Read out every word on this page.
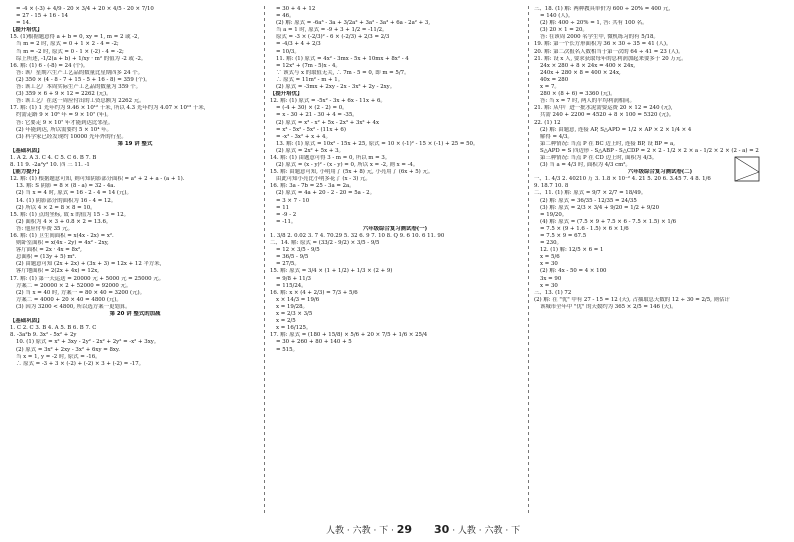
= -4 × (-3) + 4/9 - 20 × 3/4 + 20 × 4/5 - 20 × 7/10
= 27 - 15 + 16 - 14
= 14.
【提升培优】
15. (1)根据题意得 a + b = 0, xy = 1, m = 2 或 -2,
当 m = 2 时, 原式 = 0 + 1 × 2 - 4 = -2;
当 m = -2 时, 原式 = 0 - 1 × (-2) - 4 = -2;
综上所述, -1/2(a + b) + 1/xy · m² 的值为 -2 或 -2。
16. 解: (1) 6 - (-8) = 24 (个)。
答: 该厂星期六生产工艺品的数量比星期四多 24 个。
(2) 350 × (4 - 8 - 7 + 15 - 5 + 16 - 8) = 359 (个)。
答: 该工艺厂本周实际生产工艺品的数量为 359 个。
(3) 359 × 6 + 9 × 12 = 2262 (元)。
答: 该工艺厂在这一周应付出的工资总额为 2262 元。
17. 解: (1) 1 光年约为 9.46 × 10¹² 千米, 所以 4.3 光年约为 4.07 × 10¹³ 千米,
约需走路 9 × 10⁶ 年 = 9 × 10⁷ (年)。
答: 它要走 9 × 10⁷ 年才能到达比邻星。
(2) 年能到达, 所以需要约 5 × 10⁴ 年。
(3) 科学家已经发现约 10000 光年外的行星。
第 19 讲 整式
【基础巩固】
1. A 2. A 3. C 4. C 5. C 6. B 7. B
8. 11 9. -2a²y³ 10. 四 三 11. -1
【能力提升】
12. 解: (1) 根据题意可知, 则可知阴影部分面积 = a² + 2 + a - (a + 1).
13. 解: S 阴影 = 8 × (8 - a) = 32 - 4a.
(2) 当 x = 4 时, 原式 = 16 - 2 - 4 = 14 (元)。
14. (1) 阴影部分的面积为 16 - 4 = 12。
(2) 所以 4 × 2 = 8 × 8 = 10。
15. 解: (1) 点的坐标, 故 x 的值为 15 - 3 = 12。
(2) 面积为 4 × 3 + 0.8 × 2 = 13.6。
答: 他应付车费 35 元。
16. 解: (1) 卫生间面积 = x(4x - 2x) = x².
则卧室面积 = x(4x - 2y) = 4x² - 2xy,
客厅面积 = 2x · 4x = 8x²,
总面积 = (13y + 5) m².
(2) 由题意可知 (2x + 2x) + (3x + 3) = 12x + 12 平方米,
客厅地面积 = 2(2x + 4x) = 12x,
17. 解: (1) 第一天运送 = 20000 元 + 5000 元 = 25000 元。
方案二 = 20000 × 2 + 52000 = 92000 元。
(2) 当 x = 40 时, 方案一 = 80 × 40 = 3200 (元)。
方案二 = 4000 + 20 × 40 = 4800 (元)。
(3) 因为 3200 < 4800, 所以选方案一更划算。
第 20 讲 整式的加减
【基础巩固】
1. C 2. C 3. B 4. A 5. B 6. B 7. C
8. -3a²b 9. 3x² - 5x² + 2y
10. (1) 原式 = x² + 3xy - 2y² - 2x² + 2y² = -x² + 3xy。
(2) 原式 = 3x² + 2xy - 3x² + 6xy = 8xy.
当 x = 1, y = -2 时, 原式 = -16。
∴ 原式 = -3 + 3 × (-2) + (-2) × 3 + (-2) = -17。
= 30 + 4 + 12
= 46。
(2) 解: 原式 = -6a³ - 3a + 3/2a² + 3a² - 3a³ + 6a - 2a² + 3,
当 a = 1 时, 原式 = -9 + 3 + 1/2 = -11/2。
原式 = -3 × (-2/3)² - 6 × (-2/3) + 2/3 = 2/3
= -4/3 + 4 + 2/3
= 10/3。
11. 解: (1) 原式 = 4x² - 3mx - 5x + 10mx + 8x² - 4
= 12x² + (7m - 5)x - 4。
∵ 该式与 x 的取值无关, ∴ 7m - 5 = 0, 即 m = 5/7。
∴ 原式 = 11m² - m + 1。
(2) 原式 = -3mx + 2xy - 2x - 3x² + 2y - 2xy。
【提升培优】
12. 解: (1) 原式 = -5x² - 3x + 6x - 11x + 6。
= (-4 + 30) × (2 - 2) = 0。
= x - 30 + 21 - 30 + 4 = -35。
(2) 原式 = x³ - x² + 5x - 2x³ + 3x² + 4x
= x³ - 5x² - 5x² - (11x + 6)
= -x³ - 3x² + x + 4。
13. 解: (1) 原式 = 10x² - 15x + 25, 原式 = 10 × (-1)² - 15 × (-1) + 25 = 50。
(2) 原式 = 2x² + 5x + 3。
14. 解: (1) 由题意可得 3 - m = 0, 所以 m = 3。
(2) 原式 = (x - y)² - (x - y) = 0, 所以 x = -2, 则 x = -4。
15. 解: 由题意可知, 小明用了 (5x + 8) 元, 小亮用了 (6x + 5) 元。
由此可知小亮比小明多花了 (x - 3) 元。
16. 解: 3a - 7b = 25 - 3a = 2a。
(2) 原式 = 4a + 20 - 2 - 20 = 5a - 2。
= 3 × 7 - 10
= 11
= -9 - 2
= -11。
六年级综合复习测试卷(一)
1. 3/8 2. 0.02 3. 7 4. 70.29 5. 32 6. 9 7. 10 8. Q 9. 6 10. 6 11. 90
二、14. 解: 原式 = (33/2 - 9/2) × 3/5 - 9/5
= 12 × 3/5 - 9/5
= 36/5 - 9/5
= 27/5。
15. 解: 原式 = 3/4 × (1 + 1/2) + 1/3 × (2 + 9)
= 9/8 + 11/3
= 115/24。
16. 解: x × (4 + 2/3) = 7/3 + 5/6
x × 14/3 = 19/6
x = 19/28。
x = 2/3 × 3/5
x = 2/5
x = 16/125。
17. 解: 原式 = (180 + 15/8) × 5/6 + 20 × 7/5 + 1/6 × 25/4
= 30 + 260 + 80 + 140 + 5
= 515。
三、18. (1) 解: 两种教具单价为 600 ÷ 20% = 400 元,
= 140 (人)。
(2) 解: 400 ÷ 20% = 1, 答: 共有 100 名。
(3) 20 × 1 = 20。
答: 在该周 2000 名学生中, 微机练习的有 5/18。
19. 解: 第一个长方形面积为 36 × 30 ÷ 35 = 41 (人)。
20. 解: 第二次报名人数相当于第一次的 64 ÷ 41 = 23 (人)。
21. 解: 设 x 人, 要求获取每年的总利润加起来要多于 20 万元。
24x × 280 + 8 × 24x = 400 × 24x,
240x + 280 × 8 = 400 × 24x,
40x = 280
x = 7。
280 × (8 + 6) = 3360 (元)。
答: 当 x = 7 时, 两人的平均利润相同。
21. 解: 从甲厂进一批水泥需要运费 20 × 12 = 240 (元),
共需 240 + 2200 = 4520 + 8 × 100 = 5320 (元)。
22. (1) 12
(2) 解: 由题意, 连接 AP, S△APD = 1/2 × AP × 2 × 1/4 × 4
解得 = 4/3。
第二种情况: 当点 P 在 BC 边上时, 连接 BP, 设 BP = a,
S△APD = S 四边形 - S△ABP - S△CDP = 2 × 2 - 1/2 × 2 × a - 1/2 × 2 × (2 - a) = 2
第三种情况: 当点 P 在 CD 边上时, 面积为 4/3。
(3) 当 a = 4/3 时, 面积为 4/3 cm²。
六年级综合复习测试卷(二)
一、1. 4/3 2. 40210 万 3. 1.8 × 10⁻² 4. 21 5. 20 6. 3.45 7. 4 8. 1/6
9. 18.7 10. 8
二、11. (1) 解: 原式 = 9/7 × 2/7 = 18/49。
(2) 解: 原式 = 36/35 - 12/35 = 24/35
(3) 解: 原式 = 2/3 × 3/4 + 9/20 = 1/2 + 9/20
= 19/20。
(4) 解: 原式 = (7.5 × 9 + 7.5 × 6 - 7.5 × 1.5) × 1/6
= 7.5 × (9 + 1.6 - 1.5) × 6 × 1/6
= 7.5 × 9 = 67.5
= 230。
12. (1) 解: 12/5 × 6 = 1
x = 5/6
x = 30
(2) 解: 4x - 50 = 4 × 100
3x = 90
x = 30
三、13. (1) 72
(2) 解: 在 "优" 中有 27 - 15 = 12 (天), 占抽取总天数的 12 ÷ 30 = 2/5, 则估计
该城市全年中 "优" 的天数约为 365 × 2/5 = 146 (天)。
人教 · 六教 · 下 · 29 30 · 人教 · 六教 · 下
